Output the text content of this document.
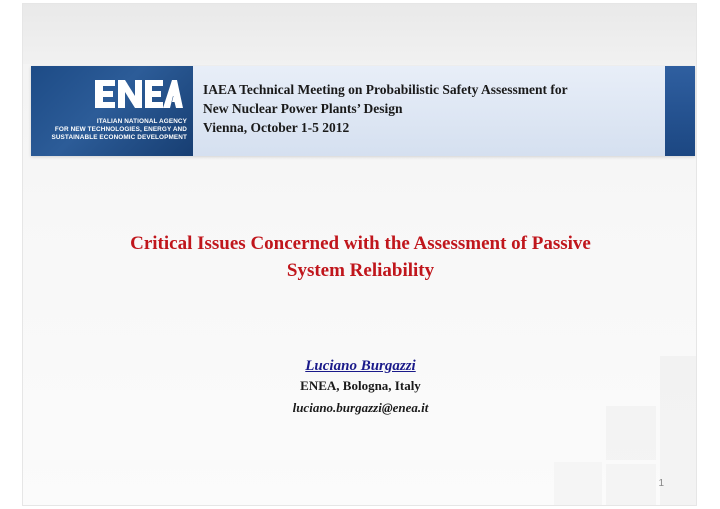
ITALIAN NATIONAL AGENCY
FOR NEW TECHNOLOGIES, ENERGY AND
SUSTAINABLE ECONOMIC DEVELOPMENT
IAEA Technical Meeting on Probabilistic Safety Assessment for
New Nuclear Power Plants’ Design
Vienna, October 1-5 2012
Critical Issues Concerned with the Assessment of Passive
System Reliability
Luciano Burgazzi
ENEA, Bologna, Italy
luciano.burgazzi@enea.it
1
